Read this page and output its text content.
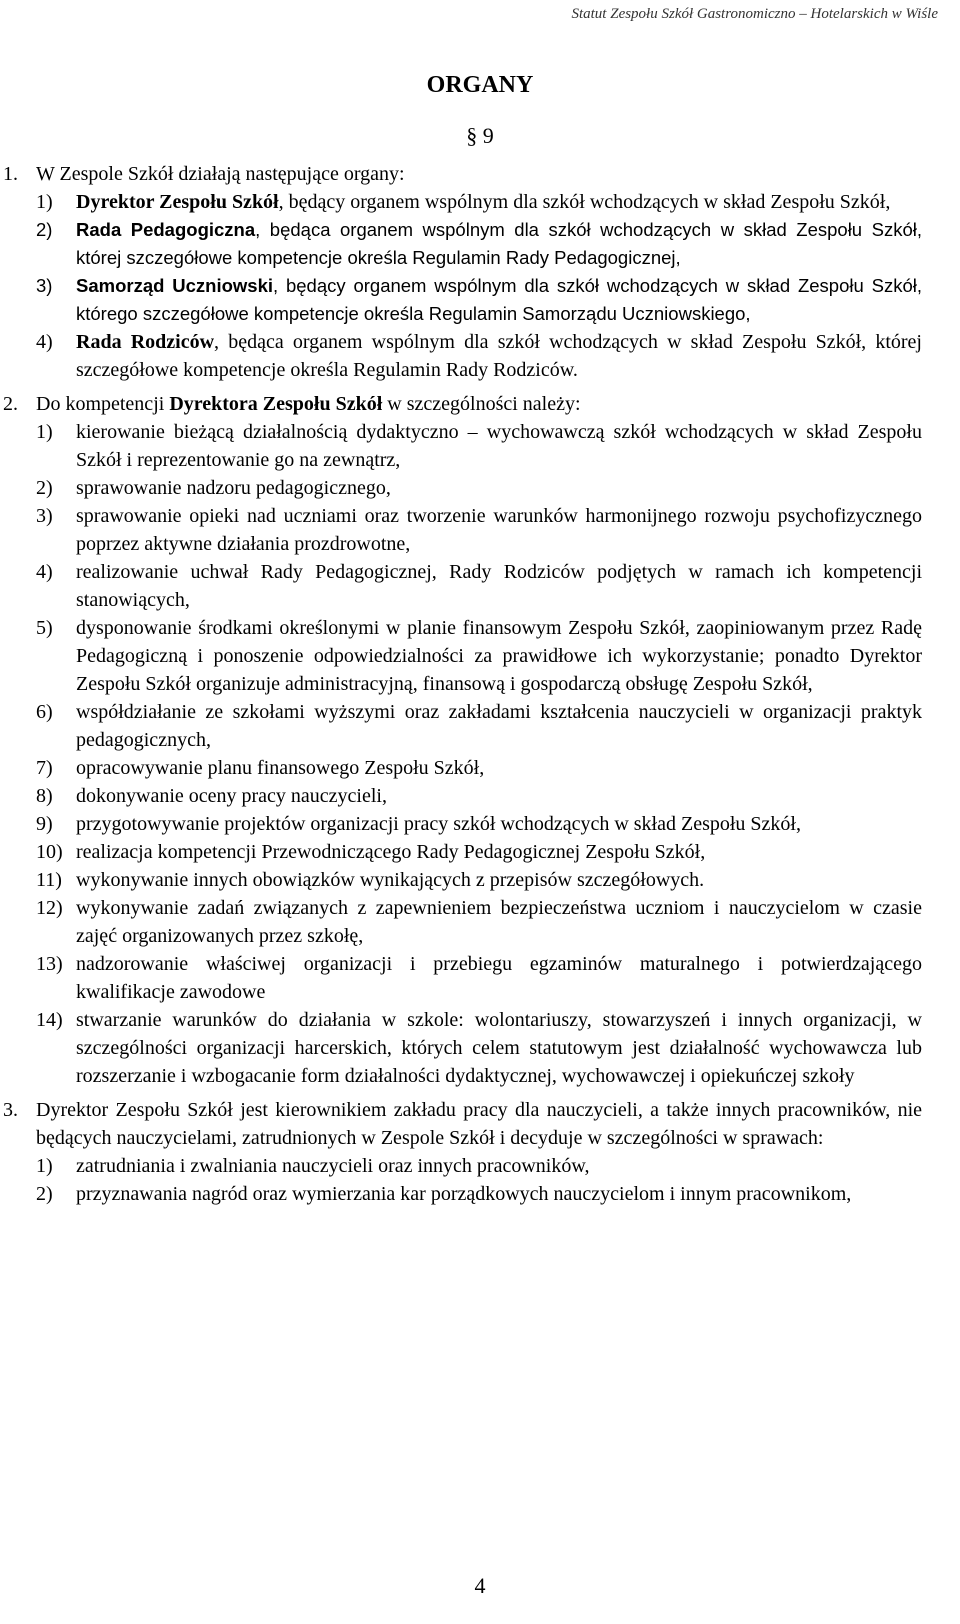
Statut Zespołu Szkół Gastronomiczno – Hotelarskich w Wiśle
ORGANY
§ 9
1. W Zespole Szkół działają następujące organy:
1) Dyrektor Zespołu Szkół, będący organem wspólnym dla szkół wchodzących w skład Zespołu Szkół,
2) Rada Pedagogiczna, będąca organem wspólnym dla szkół wchodzących w skład Zespołu Szkół, której szczegółowe kompetencje określa Regulamin Rady Pedagogicznej,
3) Samorząd Uczniowski, będący organem wspólnym dla szkół wchodzących w skład Zespołu Szkół, którego szczegółowe kompetencje określa Regulamin Samorządu Uczniowskiego,
4) Rada Rodziców, będąca organem wspólnym dla szkół wchodzących w skład Zespołu Szkół, której szczegółowe kompetencje określa Regulamin Rady Rodziców.
2. Do kompetencji Dyrektora Zespołu Szkół w szczególności należy:
1) kierowanie bieżącą działalnością dydaktyczno – wychowawczą szkół wchodzących w skład Zespołu Szkół i reprezentowanie go na zewnątrz,
2) sprawowanie nadzoru pedagogicznego,
3) sprawowanie opieki nad uczniami oraz tworzenie warunków harmonijnego rozwoju psychofizycznego poprzez aktywne działania prozdrowotne,
4) realizowanie uchwał Rady Pedagogicznej, Rady Rodziców podjętych w ramach ich kompetencji stanowiących,
5) dysponowanie środkami określonymi w planie finansowym Zespołu Szkół, zaopiniowanym przez Radę Pedagogiczną i ponoszenie odpowiedzialności za prawidłowe ich wykorzystanie; ponadto Dyrektor Zespołu Szkół organizuje administracyjną, finansową i gospodarczą obsługę Zespołu Szkół,
6) współdziałanie ze szkołami wyższymi oraz zakładami kształcenia nauczycieli w organizacji praktyk pedagogicznych,
7) opracowywanie planu finansowego Zespołu Szkół,
8) dokonywanie oceny pracy nauczycieli,
9) przygotowywanie projektów organizacji pracy szkół wchodzących w skład Zespołu Szkół,
10) realizacja kompetencji Przewodniczącego Rady Pedagogicznej Zespołu Szkół,
11) wykonywanie innych obowiązków wynikających z przepisów szczegółowych.
12) wykonywanie zadań związanych z zapewnieniem bezpieczeństwa uczniom i nauczycielom w czasie zajęć organizowanych przez szkołę,
13) nadzorowanie właściwej organizacji i przebiegu egzaminów maturalnego i potwierdzającego kwalifikacje zawodowe
14) stwarzanie warunków do działania w szkole: wolontariuszy, stowarzyszeń i innych organizacji, w szczególności organizacji harcerskich, których celem statutowym jest działalność wychowawcza lub rozszerzanie i wzbogacanie form działalności dydaktycznej, wychowawczej i opiekuńczej szkoły
3. Dyrektor Zespołu Szkół jest kierownikiem zakładu pracy dla nauczycieli, a także innych pracowników, nie będących nauczycielami, zatrudnionych w Zespole Szkół i decyduje w szczególności w sprawach:
1) zatrudniania i zwalniania nauczycieli oraz innych pracowników,
2) przyznawania nagród oraz wymierzania kar porządkowych nauczycielom i innym pracownikom,
4
